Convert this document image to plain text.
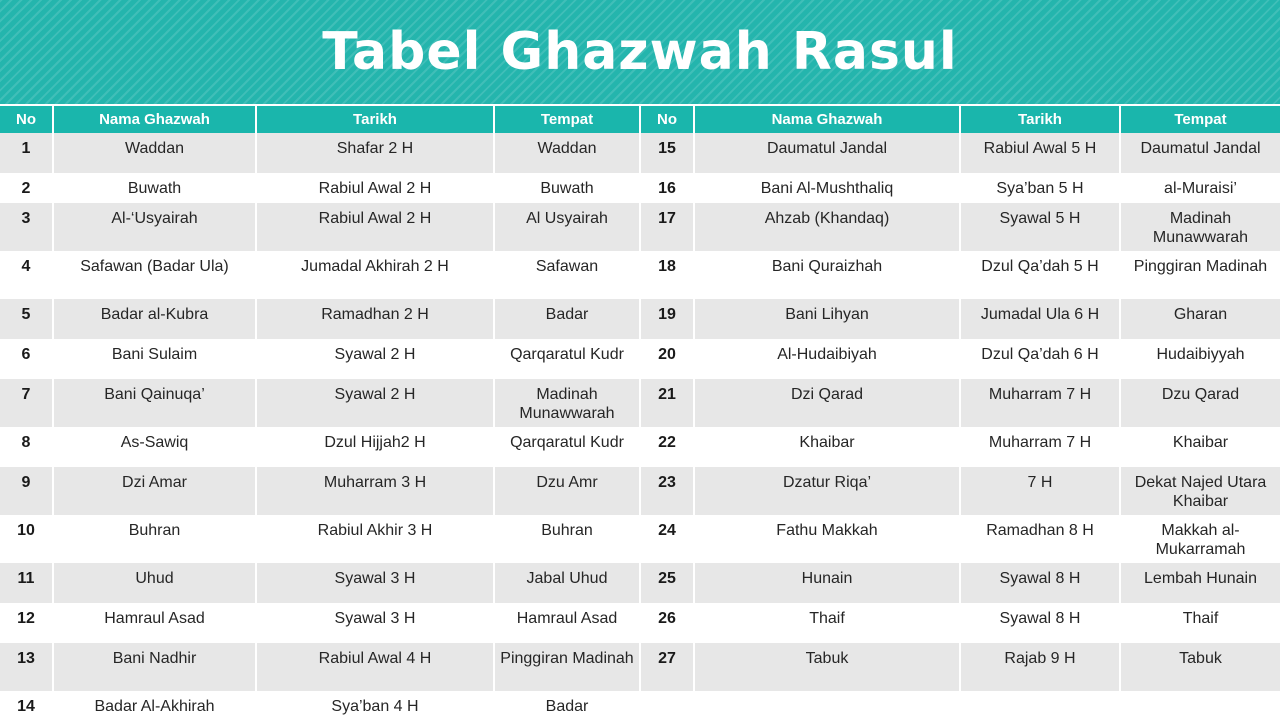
Tabel Ghazwah Rasul
No	Nama Ghazwah	Tarikh	Tempat	No	Nama Ghazwah	Tarikh	Tempat
1	Waddan	Shafar 2 H	Waddan	15	Daumatul Jandal	Rabiul Awal 5 H	Daumatul Jandal
2	Buwath	Rabiul Awal 2 H	Buwath	16	Bani Al-Mushthaliq	Sya’ban 5 H	al-Muraisi’
3	Al-‘Usyairah	Rabiul Awal 2 H	Al Usyairah	17	Ahzab (Khandaq)	Syawal 5 H	Madinah Munawwarah
4	Safawan (Badar Ula)	Jumadal Akhirah 2 H	Safawan	18	Bani Quraizhah	Dzul Qa’dah 5 H	Pinggiran Madinah
5	Badar al-Kubra	Ramadhan 2 H	Badar	19	Bani Lihyan	Jumadal Ula 6 H	Gharan
6	Bani Sulaim	Syawal 2 H	Qarqaratul Kudr	20	Al-Hudaibiyah	Dzul Qa’dah 6 H	Hudaibiyyah
7	Bani Qainuqa’	Syawal 2 H	Madinah Munawwarah	21	Dzi Qarad	Muharram 7 H	Dzu Qarad
8	As-Sawiq	Dzul Hijjah2 H	Qarqaratul Kudr	22	Khaibar	Muharram 7 H	Khaibar
9	Dzi Amar	Muharram 3 H	Dzu Amr	23	Dzatur Riqa’	7 H	Dekat Najed Utara Khaibar
10	Buhran	Rabiul Akhir 3 H	Buhran	24	Fathu Makkah	Ramadhan 8 H	Makkah al-Mukarramah
11	Uhud	Syawal 3 H	Jabal Uhud	25	Hunain	Syawal 8 H	Lembah Hunain
12	Hamraul Asad	Syawal 3 H	Hamraul Asad	26	Thaif	Syawal 8 H	Thaif
13	Bani Nadhir	Rabiul Awal 4 H	Pinggiran Madinah	27	Tabuk	Rajab 9 H	Tabuk
14	Badar Al-Akhirah	Sya’ban 4 H	Badar				
